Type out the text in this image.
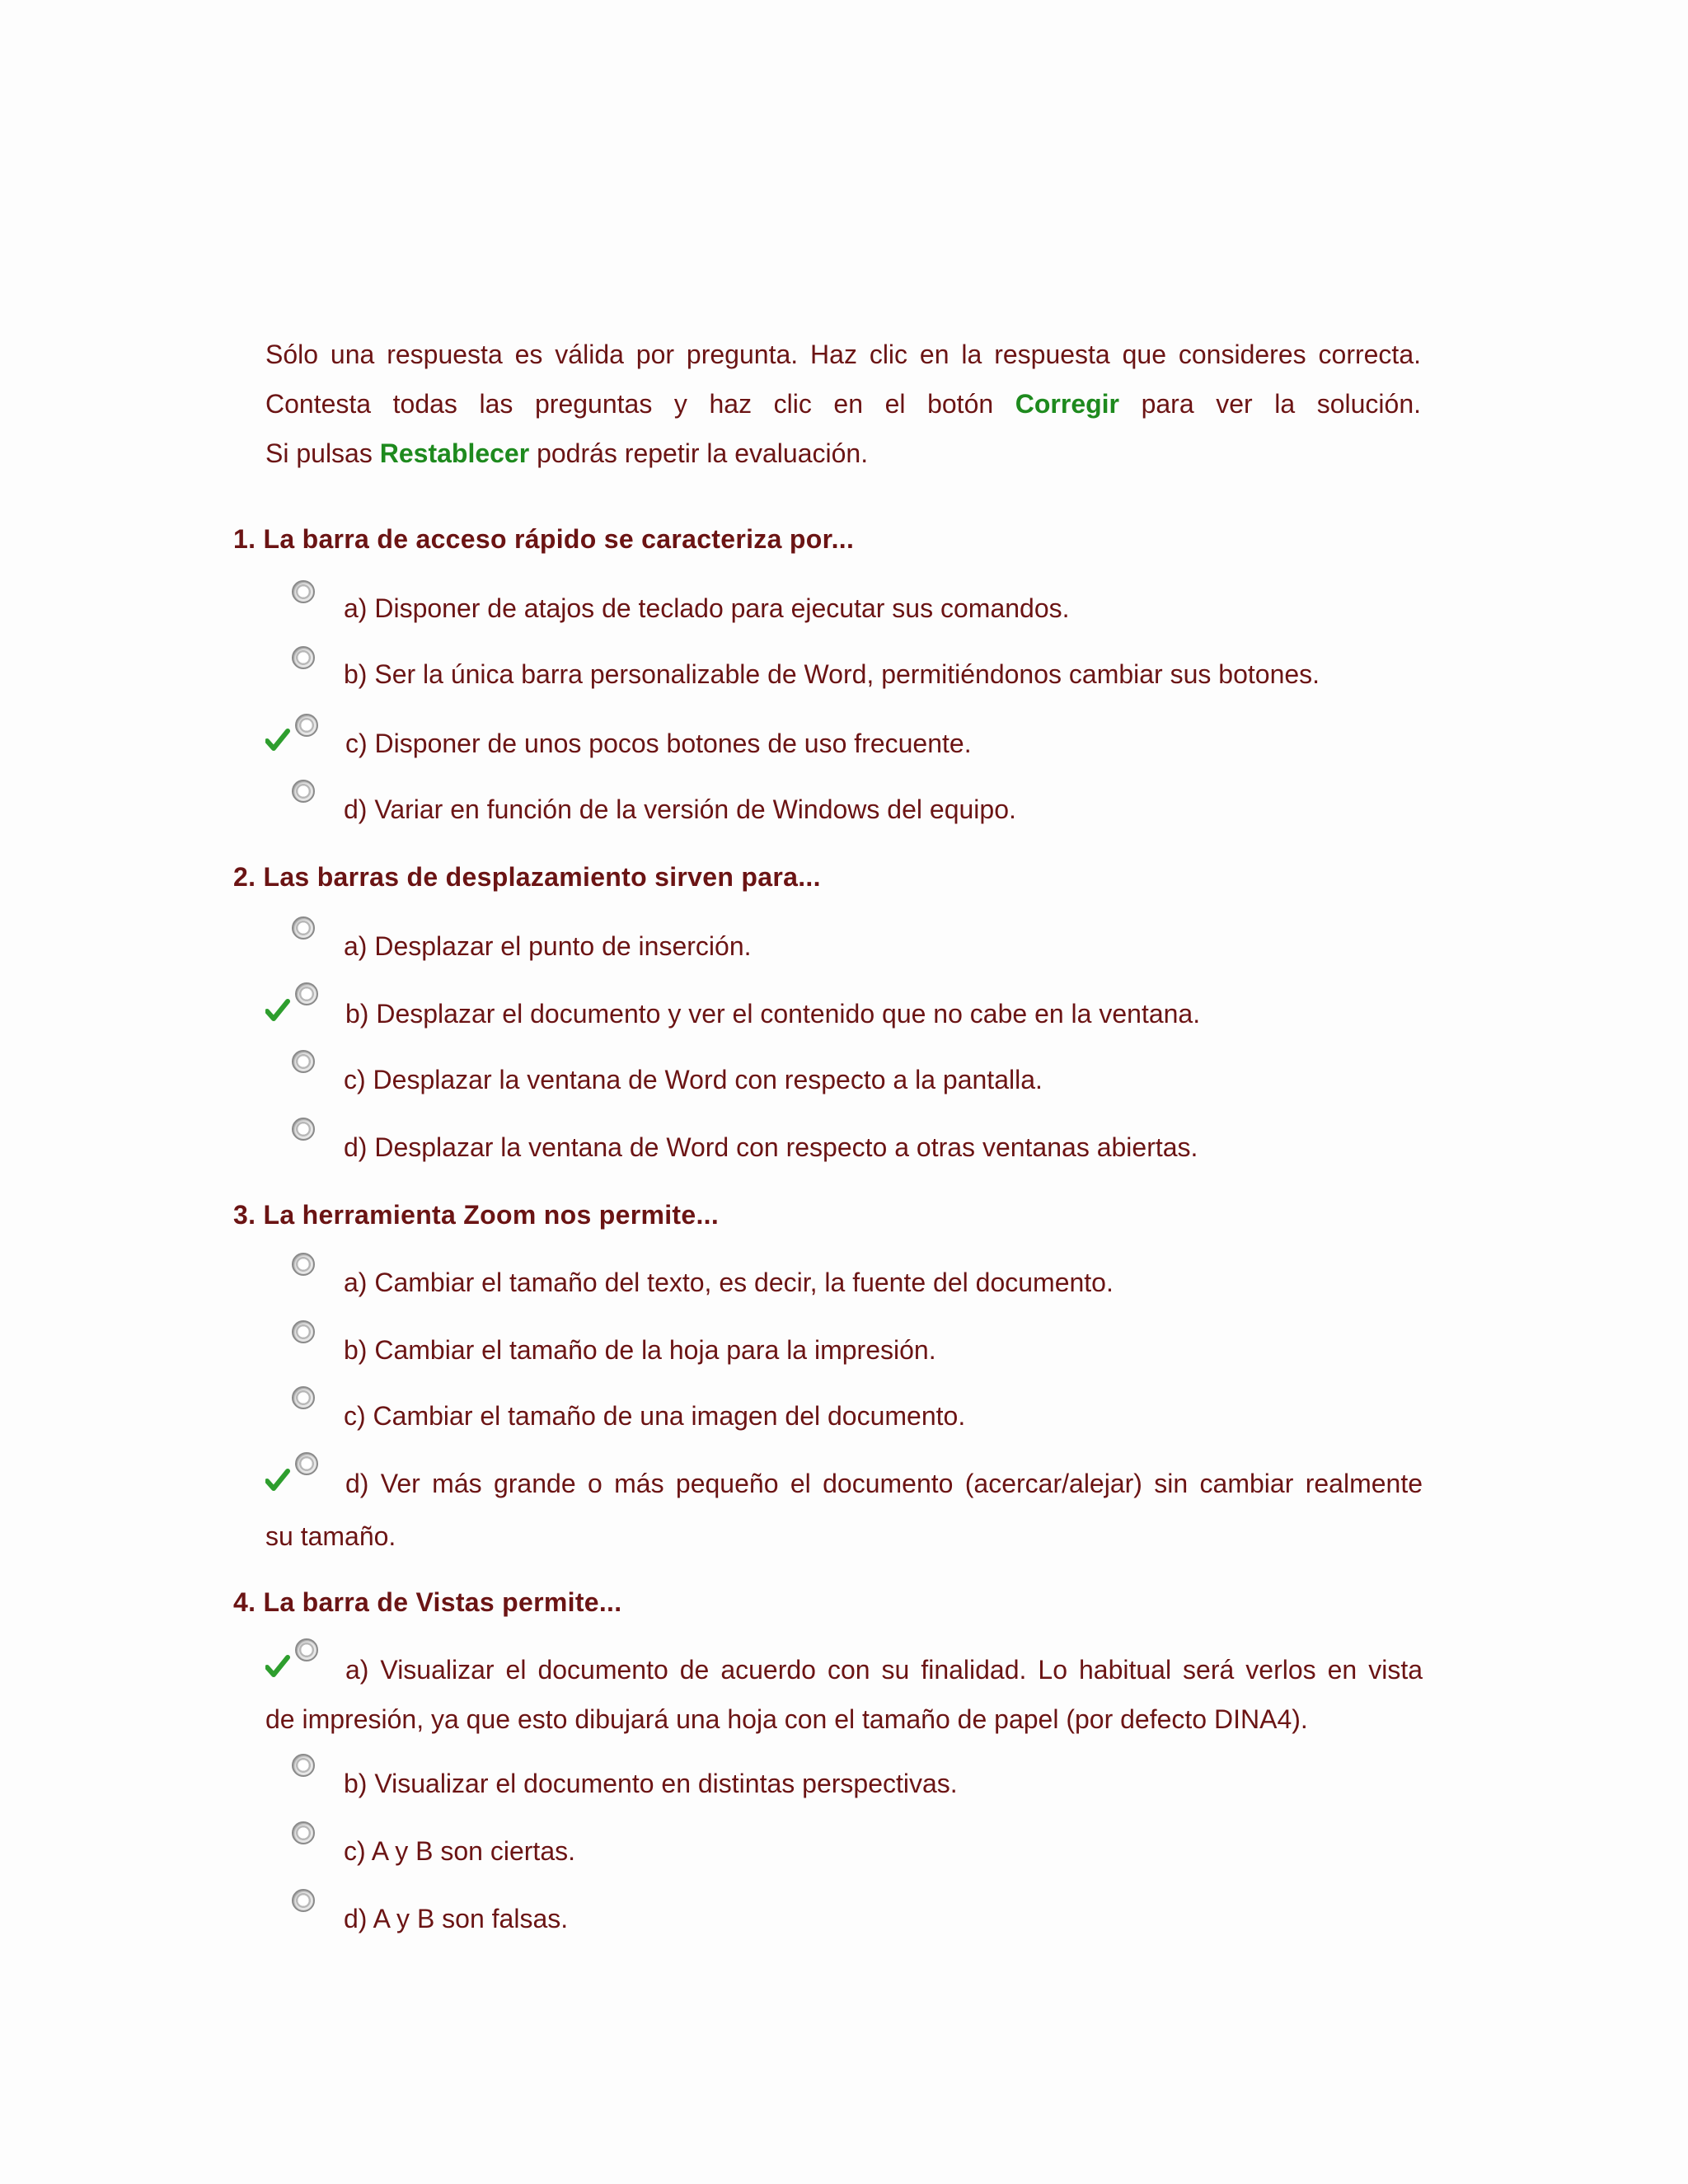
Sólo una respuesta es válida por pregunta. Haz clic en la respuesta que consideres correcta.
Contesta todas las preguntas y haz clic en el botón Corregir para ver la solución.
Si pulsas Restablecer podrás repetir la evaluación.
1. La barra de acceso rápido se caracteriza por...
a) Disponer de atajos de teclado para ejecutar sus comandos.
b) Ser la única barra personalizable de Word, permitiéndonos cambiar sus botones.
c) Disponer de unos pocos botones de uso frecuente.
d) Variar en función de la versión de Windows del equipo.
2. Las barras de desplazamiento sirven para...
a) Desplazar el punto de inserción.
b) Desplazar el documento y ver el contenido que no cabe en la ventana.
c) Desplazar la ventana de Word con respecto a la pantalla.
d) Desplazar la ventana de Word con respecto a otras ventanas abiertas.
3. La herramienta Zoom nos permite...
a) Cambiar el tamaño del texto, es decir, la fuente del documento.
b) Cambiar el tamaño de la hoja para la impresión.
c) Cambiar el tamaño de una imagen del documento.
d) Ver más grande o más pequeño el documento (acercar/alejar) sin cambiar realmente
su tamaño.
4. La barra de Vistas permite...
a) Visualizar el documento de acuerdo con su finalidad. Lo habitual será verlos en vista
de impresión, ya que esto dibujará una hoja con el tamaño de papel (por defecto DINA4).
b) Visualizar el documento en distintas perspectivas.
c) A y B son ciertas.
d) A y B son falsas.
